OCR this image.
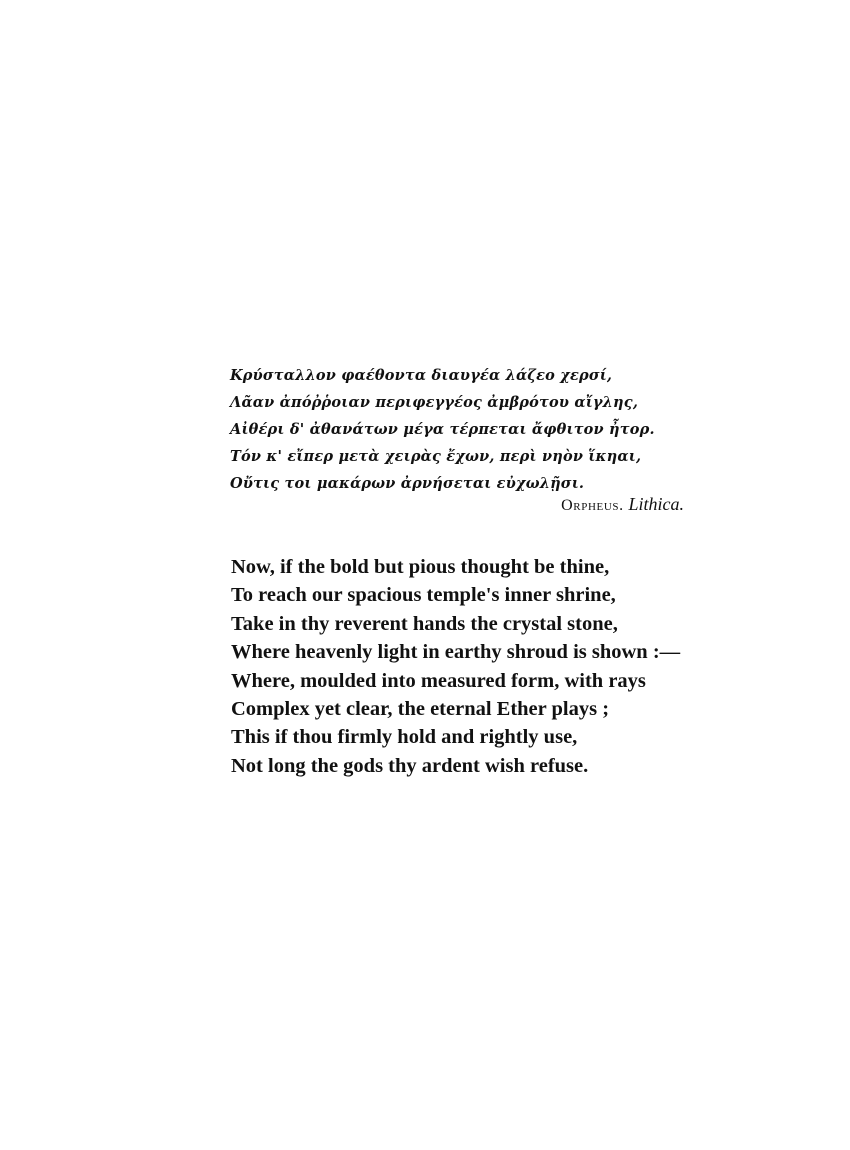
Κρύσταλλον φαέθοντα διαυγέα λάζεο χερσί,
Λᾶαν ἀπόῤῥοιαν περιφεγγέος ἀμβρότου αἴγλης,
Αἰθέρι δ' ἀθανάτων μέγα τέρπεται ἄφθιτον ἦτορ.
Τόν κ' εἴπερ μετὰ χειρὰς ἔχων, περὶ νηὸν ἵκηαι,
Οὔτις τοι μακάρων ἀρνήσεται εὐχωλῇσι.
Orpheus. Lithica.
Now, if the bold but pious thought be thine,
To reach our spacious temple's inner shrine,
Take in thy reverent hands the crystal stone,
Where heavenly light in earthy shroud is shown :—
Where, moulded into measured form, with rays
Complex yet clear, the eternal Ether plays ;
This if thou firmly hold and rightly use,
Not long the gods thy ardent wish refuse.
